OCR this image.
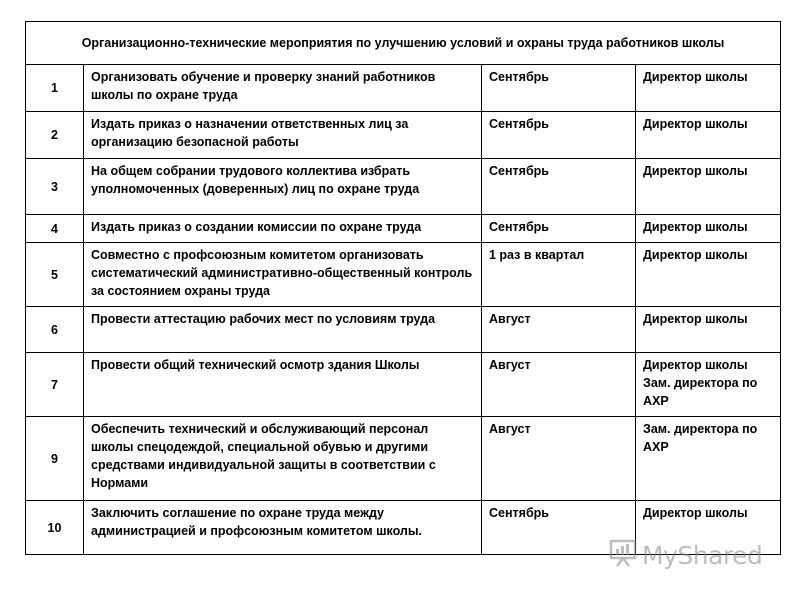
Организационно-технические мероприятия по улучшению условий и охраны труда работников школы			
1	Организовать обучение и проверку знаний работников школы по охране труда	Сентябрь	Директор школы
2	Издать приказ о назначении ответственных лиц за организацию безопасной работы	Сентябрь	Директор школы
3	На общем собрании трудового коллектива избрать уполномоченных (доверенных) лиц по охране труда	Сентябрь	Директор школы
4	Издать приказ о создании комиссии по охране труда	Сентябрь	Директор школы
5	Совместно с профсоюзным комитетом организовать систематический административно-общественный контроль за состоянием охраны труда	1 раз в квартал	Директор школы
6	Провести аттестацию рабочих мест по условиям труда	Август	Директор школы
7	Провести общий технический осмотр здания Школы	Август	Директор школы Зам. директора по АХР
9	Обеспечить технический и обслуживающий персонал школы спецодеждой, специальной обувью и другими средствами индивидуальной защиты в соответствии с Нормами	Август	Зам. директора по АХР
10	Заключить соглашение по охране труда между администрацией и профсоюзным комитетом школы.	Сентябрь	Директор школы
MyShared
